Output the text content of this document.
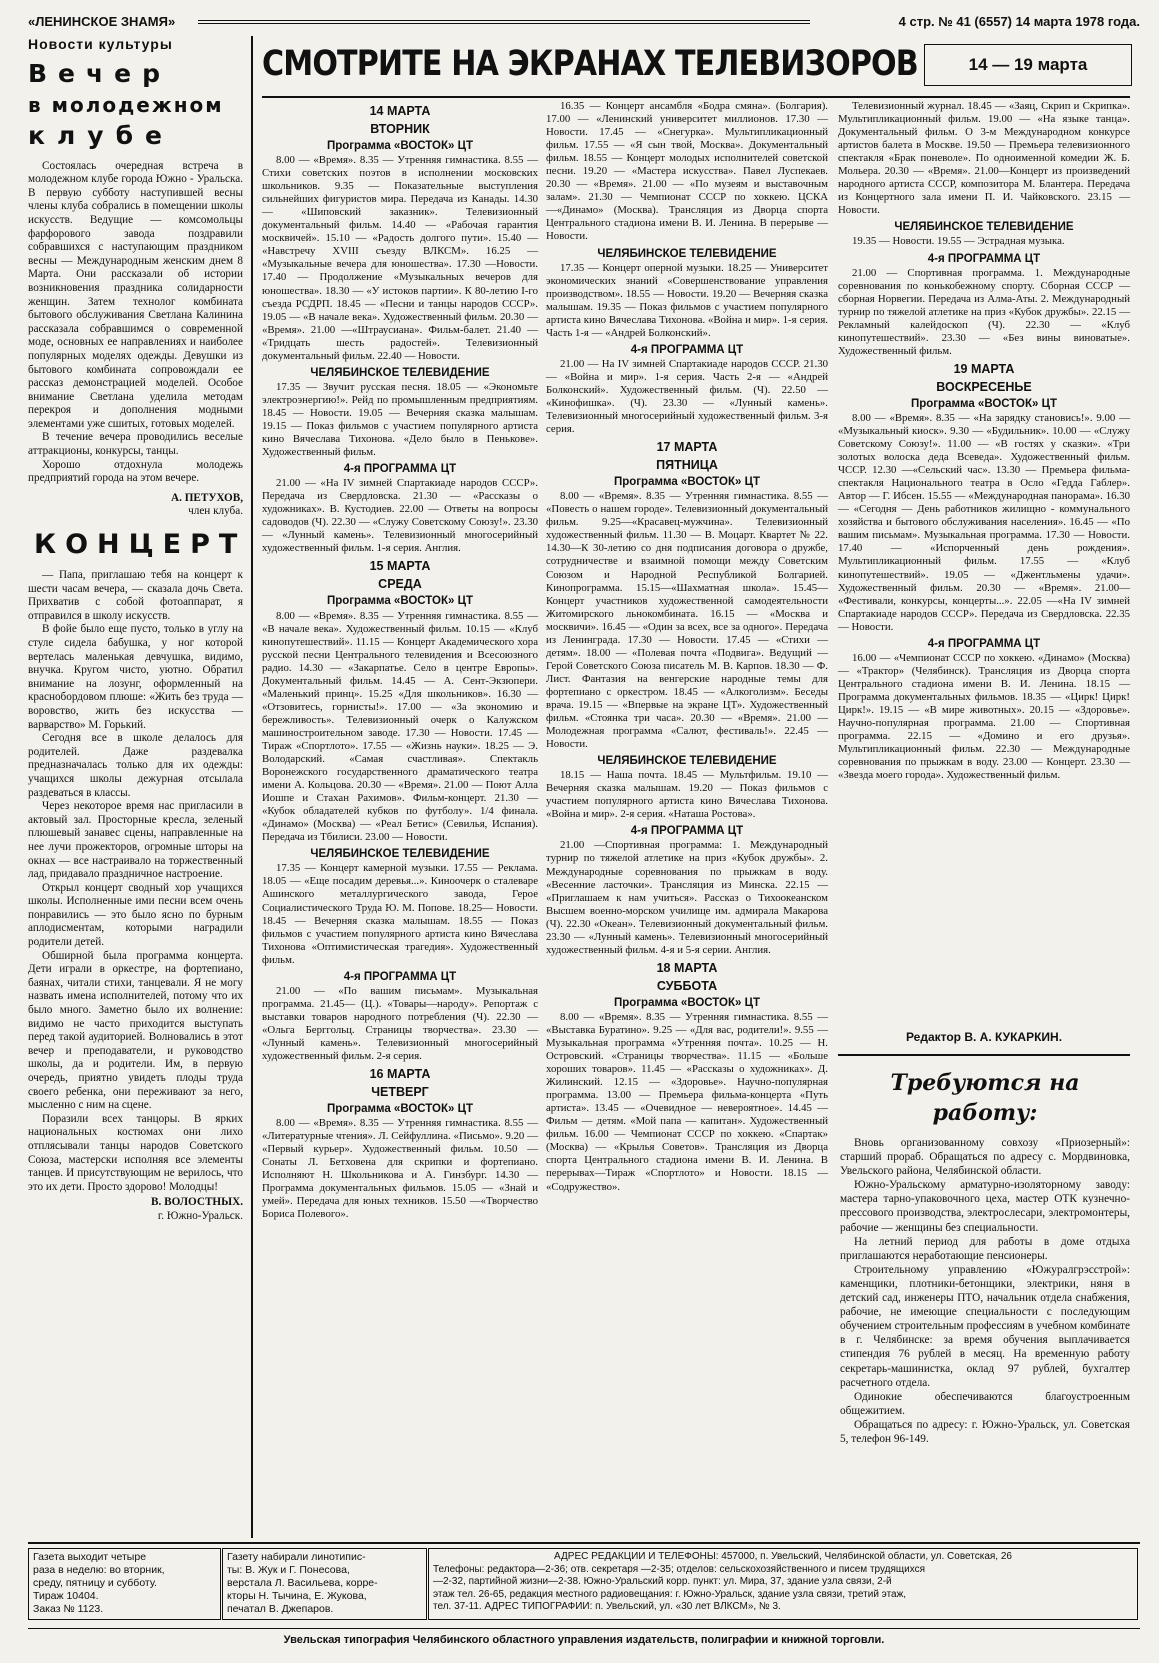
«ЛЕНИНСКОЕ ЗНАМЯ»	4 стр. № 41 (6557) 14 марта 1978 года.
Новости культуры
Вечер
в молодежном
клубе

Состоялась очередная встреча в молодежном клубе города Южно - Уральска. В первую субботу наступившей весны члены клуба собрались в помещении школы искусств. Ведущие — комсомольцы фарфорового завода поздравили собравшихся с наступающим праздником весны — Международным женским днем 8 Марта. Они рассказали об истории возникновения праздника солидарности женщин. Затем технолог комбината бытового обслуживания Светлана Калинина рассказала собравшимся о современной моде, основных ее направлениях и наиболее популярных моделях одежды. Девушки из бытового комбината сопровождали ее рассказ демонстрацией моделей. Особое внимание Светлана уделила методам перекроя и дополнения модными элементами уже сшитых, готовых моделей.

В течение вечера проводились веселые аттракционы, конкурсы, танцы.

Хорошо отдохнула молодежь предприятий города на этом вечере.

А. ПЕТУХОВ,

член клуба.

КОНЦЕРТ

— Папа, приглашаю тебя на концерт к шести часам вечера, — сказала дочь Света. Прихватив с собой фотоаппарат, я отправился в школу искусств.

В фойе было еще пусто, только в углу на стуле сидела бабушка, у ног которой вертелась маленькая девчушка, видимо, внучка. Кругом чисто, уютно. Обратил внимание на лозунг, оформленный на краснобордовом плюше: «Жить без труда — воровство, жить без искусства — варварство» М. Горький.

Сегодня все в школе делалось для родителей. Даже раздевалка предназначалась только для их одежды: учащихся школы дежурная отсылала раздеваться в классы.

Через некоторое время нас пригласили в актовый зал. Просторные кресла, зеленый плюшевый занавес сцены, направленные на нее лучи прожекторов, огромные шторы на окнах — все настраивало на торжественный лад, придавало праздничное настроение.

Открыл концерт сводный хор учащихся школы. Исполненные ими песни всем очень понравились — это было ясно по бурным аплодисментам, которыми наградили родители детей.

Обширной была программа концерта. Дети играли в оркестре, на фортепиано, баянах, читали стихи, танцевали. Я не могу назвать имена исполнителей, потому что их было много. Заметно было их волнение: видимо не часто приходится выступать перед такой аудиторией. Волновались в этот вечер и преподаватели, и руководство школы, да и родители. Им, в первую очередь, приятно увидеть плоды труда своего ребенка, они переживают за него, мысленно с ним на сцене.

Поразили всех танцоры. В ярких национальных костюмах они лихо отплясывали танцы народов Советского Союза, мастерски исполняя все элементы танцев. И присутствующим не верилось, что это их дети. Просто здорово! Молодцы!

В. ВОЛОСТНЫХ.

г. Южно-Уральск.

СМОТРИТЕ НА ЭКРАНАХ ТЕЛЕВИЗОРОВ	14 — 19 марта
14 МАРТА
ВТОРНИК
Программа «ВОСТОК» ЦТ

8.00 — «Время». 8.35 — Утренняя гимнастика. 8.55 — Стихи советских поэтов в исполнении московских школьников. 9.35 — Показательные выступления сильнейших фигуристов мира. Передача из Канады. 14.30 — «Шиповский заказник». Телевизионный документальный фильм. 14.40 — «Рабочая гарантия москвичей». 15.10 — «Радость долгого пути». 15.40 — «Навстречу XVIII съезду ВЛКСМ». 16.25 — «Музыкальные вечера для юношества». 17.30 —Новости. 17.40 — Продолжение «Музыкальных вечеров для юношества». 18.30 — «У истоков партии». К 80-летию I-го съезда РСДРП. 18.45 — «Песни и танцы народов СССР». 19.05 — «В начале века». Художественный фильм. 20.30 — «Время». 21.00 —«Штраусиана». Фильм-балет. 21.40 — «Тридцать шесть радостей». Телевизионный документальный фильм. 22.40 — Новости.

ЧЕЛЯБИНСКОЕ ТЕЛЕВИДЕНИЕ

17.35 — Звучит русская песня. 18.05 — «Экономьте электроэнергию!». Рейд по промышленным предприятиям. 18.45 — Новости. 19.05 — Вечерняя сказка малышам. 19.15 — Показ фильмов с участием популярного артиста кино Вячеслава Тихонова. «Дело было в Пенькове». Художественный фильм.

4-я ПРОГРАММА ЦТ

21.00 — «На IV зимней Спартакиаде народов СССР». Передача из Свердловска. 21.30 — «Рассказы о художниках». В. Кустодиев. 22.00 — Ответы на вопросы садоводов (Ч). 22.30 — «Служу Советскому Союзу!». 23.30 — «Лунный камень». Телевизионный многосерийный художественный фильм. 1-я серия. Англия.

15 МАРТА
СРЕДА
Программа «ВОСТОК» ЦТ

8.00 — «Время». 8.35 — Утренняя гимнастика. 8.55 — «В начале века». Художественный фильм. 10.15 — «Клуб кинопутешествий». 11.15 — Концерт Академического хора русской песни Центрального телевидения и Всесоюзного радио. 14.30 — «Закарпатье. Село в центре Европы». Документальный фильм. 14.45 — А. Сент-Экзюпери. «Маленький принц». 15.25 «Для школьников». 16.30 — «Отзовитесь, горнисты!». 17.00 — «За экономию и бережливость». Телевизионный очерк о Калужском машиностроительном заводе. 17.30 — Новости. 17.45 — Тираж «Спортлото». 17.55 — «Жизнь науки». 18.25 — Э. Володарский. «Самая счастливая». Спектакль Воронежского государственного драматического театра имени А. Кольцова. 20.30 — «Время». 21.00 — Поют Алла Иошпе и Стахан Рахимов». Фильм-концерт. 21.30 — «Кубок обладателей кубков по футболу». 1/4 финала. «Динамо» (Москва) — «Реал Бетис» (Севилья, Испания). Передача из Тбилиси. 23.00 — Новости.

ЧЕЛЯБИНСКОЕ ТЕЛЕВИДЕНИЕ

17.35 — Концерт камерной музыки. 17.55 — Реклама. 18.05 — «Еще посадим деревья...». Киноочерк о сталеваре Ашинского металлургического завода, Герое Социалистического Труда Ю. М. Попове. 18.25— Новости. 18.45 — Вечерняя сказка малышам. 18.55 — Показ фильмов с участием популярного артиста кино Вячеслава Тихонова «Оптимистическая трагедия». Художественный фильм.

4-я ПРОГРАММА ЦТ

21.00 — «По вашим письмам». Музыкальная программа. 21.45— (Ц.). «Товары—народу». Репортаж с выставки товаров народного потребления (Ч). 22.30 — «Ольга Берггольц. Страницы творчества». 23.30 — «Лунный камень». Телевизионный многосерийный художественный фильм. 2-я серия.

16 МАРТА
ЧЕТВЕРГ
Программа «ВОСТОК» ЦТ

8.00 — «Время». 8.35 — Утренняя гимнастика. 8.55 — «Литературные чтения». Л. Сейфуллина. «Письмо». 9.20 — «Первый курьер». Художественный фильм. 10.50 — Сонаты Л. Бетховена для скрипки и фортепиано. Исполняют Н. Школьникова и А. Гинзбург. 14.30 — Программа документальных фильмов. 15.05 — «Знай и умей». Передача для юных техников. 15.50 —«Творчество Бориса Полевого».

16.35 — Концерт ансамбля «Бодра смяна». (Болгария). 17.00 — «Ленинский университет миллионов. 17.30 — Новости. 17.45 — «Снегурка». Мультипликационный фильм. 17.55 — «Я сын твой, Москва». Документальный фильм. 18.55 — Концерт молодых исполнителей советской песни. 19.20 — «Мастера искусства». Павел Луспекаев. 20.30 — «Время». 21.00 — «По музеям и выставочным залам». 21.30 — Чемпионат СССР по хоккею. ЦСКА—«Динамо» (Москва). Трансляция из Дворца спорта Центрального стадиона имени В. И. Ленина. В перерыве — Новости.

ЧЕЛЯБИНСКОЕ ТЕЛЕВИДЕНИЕ

17.35 — Концерт оперной музыки. 18.25 — Университет экономических знаний «Совершенствование управления производством». 18.55 — Новости. 19.20 — Вечерняя сказка малышам. 19.35 — Показ фильмов с участием популярного артиста кино Вячеслава Тихонова. «Война и мир». 1-я серия. Часть 1-я — «Андрей Болконский».

4-я ПРОГРАММА ЦТ

21.00 — На IV зимней Спартакиаде народов СССР. 21.30 — «Война и мир». 1-я серия. Часть 2-я — «Андрей Болконский». Художественный фильм. (Ч). 22.50 — «Кинофишка». (Ч). 23.30 — «Лунный камень». Телевизионный многосерийный художественный фильм. 3-я серия.

17 МАРТА
ПЯТНИЦА
Программа «ВОСТОК» ЦТ

8.00 — «Время». 8.35 — Утренняя гимнастика. 8.55 — «Повесть о нашем городе». Телевизионный документальный фильм. 9.25—«Красавец-мужчина». Телевизионный художественный фильм. 11.30 — В. Моцарт. Квартет № 22. 14.30—К 30-летию со дня подписания договора о дружбе, сотрудничестве и взаимной помощи между Советским Союзом и Народной Республикой Болгарией. Кинопрограмма. 15.15—«Шахматная школа». 15.45—Концерт участников художественной самодеятельности Житомирского льнокомбината. 16.15 — «Москва и москвичи». 16.45 — «Один за всех, все за одного». Передача из Ленинграда. 17.30 — Новости. 17.45 — «Стихи — детям». 18.00 — «Полевая почта «Подвига». Ведущий — Герой Советского Союза писатель М. В. Карпов. 18.30 — Ф. Лист. Фантазия на венгерские народные темы для фортепиано с оркестром. 18.45 — «Алкоголизм». Беседы врача. 19.15 — «Впервые на экране ЦТ». Художественный фильм. «Стоянка три часа». 20.30 — «Время». 21.00 — Молодежная программа «Салют, фестиваль!». 22.45 — Новости.

ЧЕЛЯБИНСКОЕ ТЕЛЕВИДЕНИЕ

18.15 — Наша почта. 18.45 — Мультфильм. 19.10 — Вечерняя сказка малышам. 19.20 — Показ фильмов с участием популярного артиста кино Вячеслава Тихонова. «Война и мир». 2-я серия. «Наташа Ростова».

4-я ПРОГРАММА ЦТ

21.00 —Спортивная программа: 1. Международный турнир по тяжелой атлетике на приз «Кубок дружбы». 2. Международные соревнования по прыжкам в воду. «Весенние ласточки». Трансляция из Минска. 22.15 — «Приглашаем к нам учиться». Рассказ о Тихоокеанском Высшем военно-морском училище им. адмирала Макарова (Ч). 22.30 «Океан». Телевизионный документальный фильм. 23.30 — «Лунный камень». Телевизионный многосерийный художественный фильм. 4-я и 5-я серии. Англия.

18 МАРТА
СУББОТА
Программа «ВОСТОК» ЦТ

8.00 — «Время». 8.35 — Утренняя гимнастика. 8.55 — «Выставка Буратино». 9.25 — «Для вас, родители!». 9.55 — Музыкальная программа «Утренняя почта». 10.25 — Н. Островский. «Страницы творчества». 11.15 — «Больше хороших товаров». 11.45 — «Рассказы о художниках». Д. Жилинский. 12.15 — «Здоровье». Научно-популярная программа. 13.00 — Премьера фильма-концерта «Путь артиста». 13.45 — «Очевидное — невероятное». 14.45 — Фильм — детям. «Мой папа — капитан». Художественный фильм. 16.00 — Чемпионат СССР по хоккею. «Спартак» (Москва) — «Крылья Советов». Трансляция из Дворца спорта Центрального стадиона имени В. И. Ленина. В перерывах—Тираж «Спортлото» и Новости. 18.15 — «Содружество».

Телевизионный журнал. 18.45 — «Заяц, Скрип и Скрипка». Мультипликационный фильм. 19.00 — «На языке танца». Документальный фильм. О 3-м Международном конкурсе артистов балета в Москве. 19.50 — Премьера телевизионного спектакля «Брак поневоле». По одноименной комедии Ж. Б. Мольера. 20.30 — «Время». 21.00—Концерт из произведений народного артиста СССР, композитора М. Блантера. Передача из Концертного зала имени П. И. Чайковского. 23.15 — Новости.

ЧЕЛЯБИНСКОЕ ТЕЛЕВИДЕНИЕ

19.35 — Новости. 19.55 — Эстрадная музыка.

4-я ПРОГРАММА ЦТ

21.00 — Спортивная программа. 1. Международные соревнования по конькобежному спорту. Сборная СССР — сборная Норвегии. Передача из Алма-Аты. 2. Международный турнир по тяжелой атлетике на приз «Кубок дружбы». 22.15 — Рекламный калейдоскоп (Ч). 22.30 — «Клуб кинопутешествий». 23.30 — «Без вины виноватые». Художественный фильм.

19 МАРТА
ВОСКРЕСЕНЬЕ
Программа «ВОСТОК» ЦТ

8.00 — «Время». 8.35 — «На зарядку становись!». 9.00 — «Музыкальный киоск». 9.30 — «Будильник». 10.00 — «Служу Советскому Союзу!». 11.00 — «В гостях у сказки». «Три золотых волоска деда Всеведа». Художественный фильм. ЧССР. 12.30 —«Сельский час». 13.30 — Премьера фильма-спектакля Национального театра в Осло «Гедда Габлер». Автор — Г. Ибсен. 15.55 — «Международная панорама». 16.30 — «Сегодня — День работников жилищно - коммунального хозяйства и бытового обслуживания населения». 16.45 — «По вашим письмам». Музыкальная программа. 17.30 — Новости. 17.40 — «Испорченный день рождения». Мультипликационный фильм. 17.55 — «Клуб кинопутешествий». 19.05 — «Джентльмены удачи». Художественный фильм. 20.30 — «Время». 21.00— «Фестивали, конкурсы, концерты...». 22.05 —«На IV зимней Спартакиаде народов СССР». Передача из Свердловска. 22.35— Новости.

4-я ПРОГРАММА ЦТ

16.00 — «Чемпионат СССР по хоккею. «Динамо» (Москва) — «Трактор» (Челябинск). Трансляция из Дворца спорта Центрального стадиона имени В. И. Ленина. 18.15 — Программа документальных фильмов. 18.35 — «Цирк! Цирк! Цирк!». 19.15 — «В мире животных». 20.15 — «Здоровье». Научно-популярная программа. 21.00 — Спортивная программа. 22.15 — «Домино и его друзья». Мультипликационный фильм. 22.30 — Международные соревнования по прыжкам в воду. 23.00 — Концерт. 23.30 — «Звезда моего города». Художественный фильм.

Редактор В. А. КУКАРКИН.
Требуются на работу:

Вновь организованному совхозу «Приозерный»: старший прораб. Обращаться по адресу с. Мордвиновка, Увельского района, Челябинской области.

Южно-Уральскому арматурно-изоляторному заводу: мастера тарно-упаковочного цеха, мастер ОТК кузнечно-прессового производства, электрослесари, электромонтеры, рабочие — женщины без специальности.

На летний период для работы в доме отдыха приглашаются неработающие пенсионеры.

Строительному управлению «Южуралгрэсстрой»: каменщики, плотники-бетонщики, электрики, няня в детский сад, инженеры ПТО, начальник отдела снабжения, рабочие, не имеющие специальности с последующим обучением строительным профессиям в учебном комбинате в г. Челябинске: за время обучения выплачивается стипендия 76 рублей в месяц. На временную работу секретарь-машинистка, оклад 97 рублей, бухгалтер расчетного отдела.

Одинокие обеспечиваются благоустроенным общежитием.

Обращаться по адресу: г. Южно-Уральск, ул. Советская 5, телефон 96-149.

Газета выходит четыре
раза в неделю: во вторник,
среду, пятницу и субботу.
Тираж 10404.
Заказ № 1123.
Газету набирали линотипис-
ты: В. Жук и Г. Понесова,
верстала Л. Васильева, корре-
кторы Н. Тычина, Е. Жукова,
печатал В. Джепаров.
АДРЕС РЕДАКЦИИ И ТЕЛЕФОНЫ: 457000, п. Увельский, Челябинской области, ул. Советская, 26
Телефоны: редактора—2-36; отв. секретаря —2-35; отделов: сельскохозяйственного и писем трудящихся
—2-32, партийной жизни—2-38. Южно-Уральский корр. пункт: ул. Мира, 37, здание узла связи, 2-й
этаж тел. 26-65, редакция местного радиовещания: г. Южно-Уральск, здание узла связи, третий этаж,
тел. 37-11. АДРЕС ТИПОГРАФИИ: п. Увельский, ул. «30 лет ВЛКСМ», № 3.
Увельская типография Челябинского областного управления издательств, полиграфии и книжной торговли.
